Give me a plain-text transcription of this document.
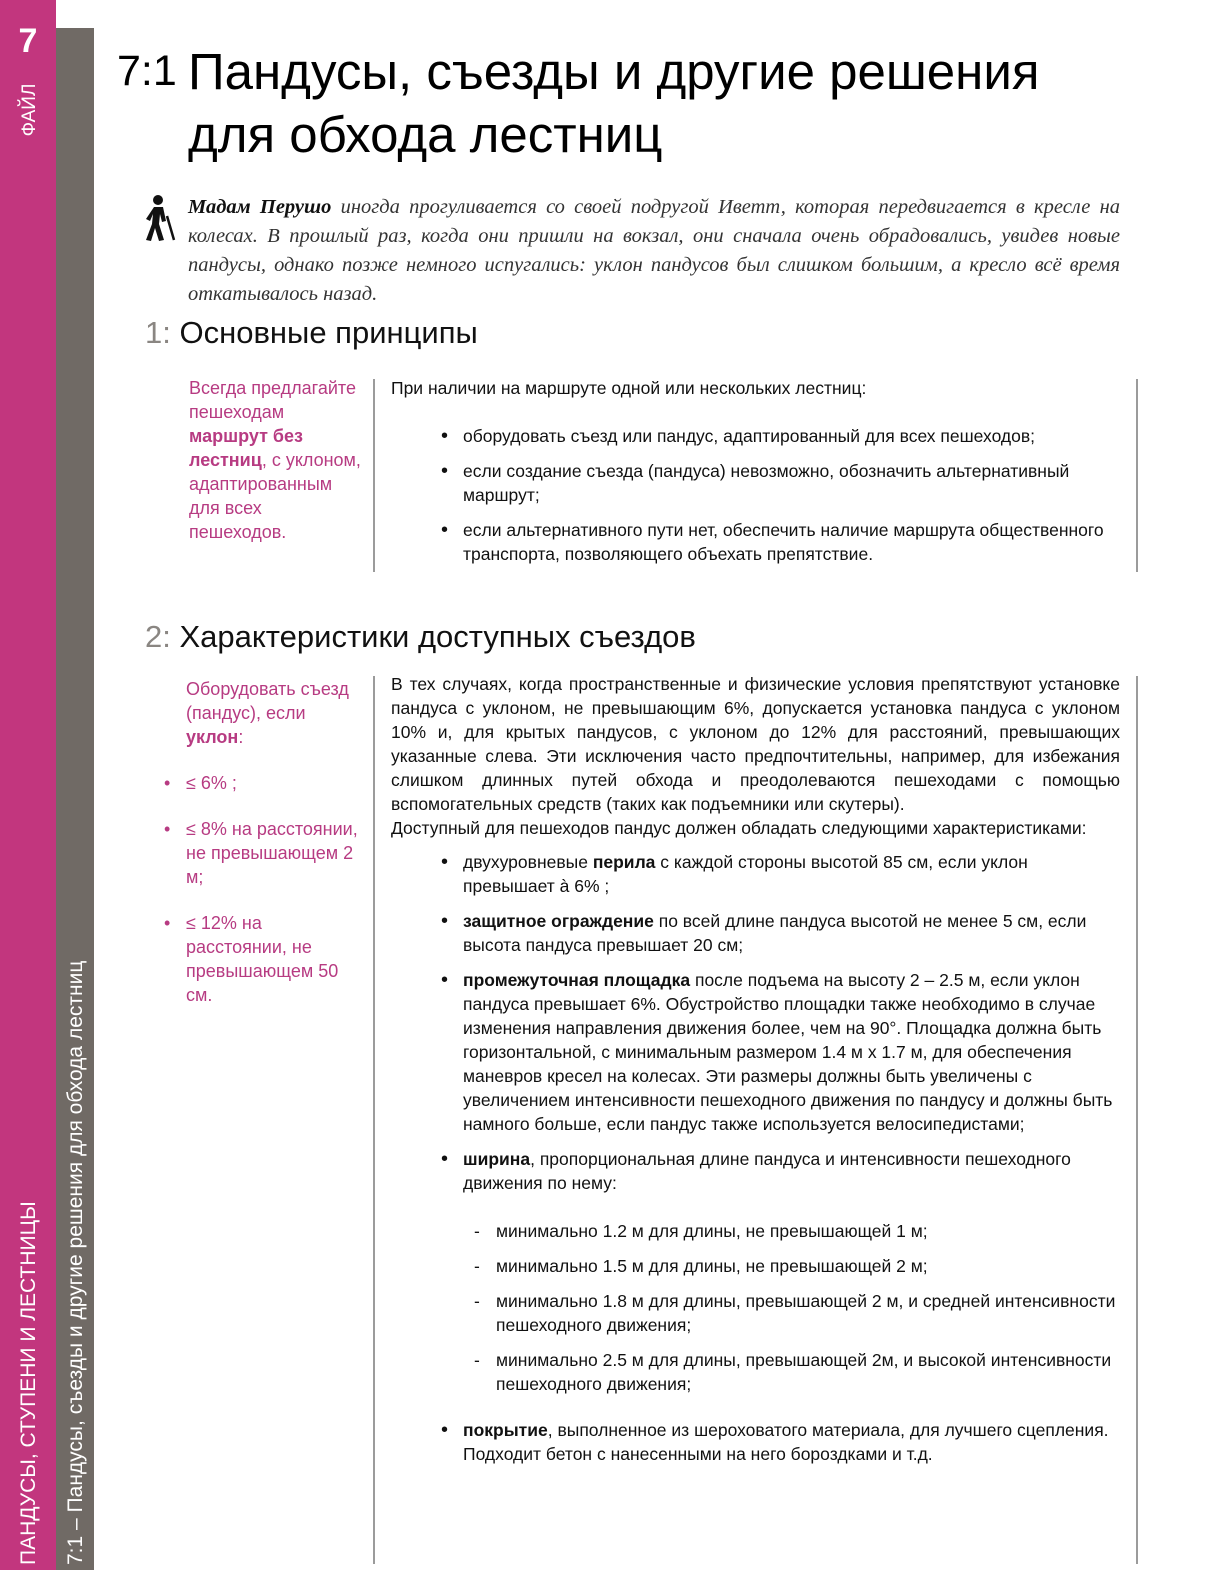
7
ФАЙЛ
ПАНДУСЫ, СТУПЕНИ И ЛЕСТНИЦЫ 7:1 – Пандусы, съезды и другие решения для обхода лестниц
7:1 Пандусы, съезды и другие решения
для обхода лестниц
Мадам Перушо иногда прогуливается со своей подругой Иветт, которая передвигается в кресле на колесах. В прошлый раз, когда они пришли на вокзал, они сначала очень обрадовались, увидев новые пандусы, однако позже немного испугались: уклон пандусов был слишком большим, а кресло всё время откатывалось назад.
1: Основные принципы
Всегда предлагайте пешеходам маршрут без лестниц, с уклоном, адаптированным для всех пешеходов.

При наличии на маршруте одной или нескольких лестниц:

• оборудовать съезд или пандус, адаптированный для всех пешеходов;
• если создание съезда (пандуса) невозможно, обозначить альтернативный маршрут;
• если альтернативного пути нет, обеспечить наличие маршрута общественного транспорта, позволяющего объехать препятствие.
2: Характеристики доступных съездов

Оборудовать съезд (пандус), если уклон:

• ≤ 6% ;
• ≤ 8% на расстоянии, не превышающем 2 м;
• ≤ 12% на расстоянии, не превышающем 50 см.

В тех случаях, когда пространственные и физические условия препятствуют установке пандуса с уклоном, не превышающим 6%, допускается установка пандуса с уклоном 10% и, для крытых пандусов, с уклоном до 12% для расстояний, превышающих указанные слева. Эти исключения часто предпочтительны, например, для избежания слишком длинных путей обхода и преодолеваются пешеходами с помощью вспомогательных средств (таких как подъемники или скутеры).

Доступный для пешеходов пандус должен обладать следующими характеристиками:

• двухуровневые перила с каждой стороны высотой 85 см, если уклон превышает à 6% ;
• защитное ограждение по всей длине пандуса высотой не менее 5 см, если высота пандуса превышает 20 см;
• промежуточная площадка после подъема на высоту 2 – 2.5 м, если уклон пандуса превышает 6%. Обустройство площадки также необходимо в случае изменения направления движения более, чем на 90°. Площадка должна быть горизонтальной, с минимальным размером 1.4 м x 1.7 м, для обеспечения маневров кресел на колесах. Эти размеры должны быть увеличены с увеличением интенсивности пешеходного движения по пандусу и должны быть намного больше, если пандус также используется велосипедистами;
• ширина, пропорциональная длине пандуса и интенсивности пешеходного движения по нему:
- минимально 1.2 м для длины, не превышающей 1 м;
- минимально 1.5 м для длины, не превышающей 2 м;
- минимально 1.8 м для длины, превышающей 2 м, и средней интенсивности пешеходного движения;
- минимально 2.5 м для длины, превышающей 2м, и высокой интенсивности пешеходного движения;
• покрытие, выполненное из шероховатого материала, для лучшего сцепления. Подходит бетон с нанесенными на него бороздками и т.д.
